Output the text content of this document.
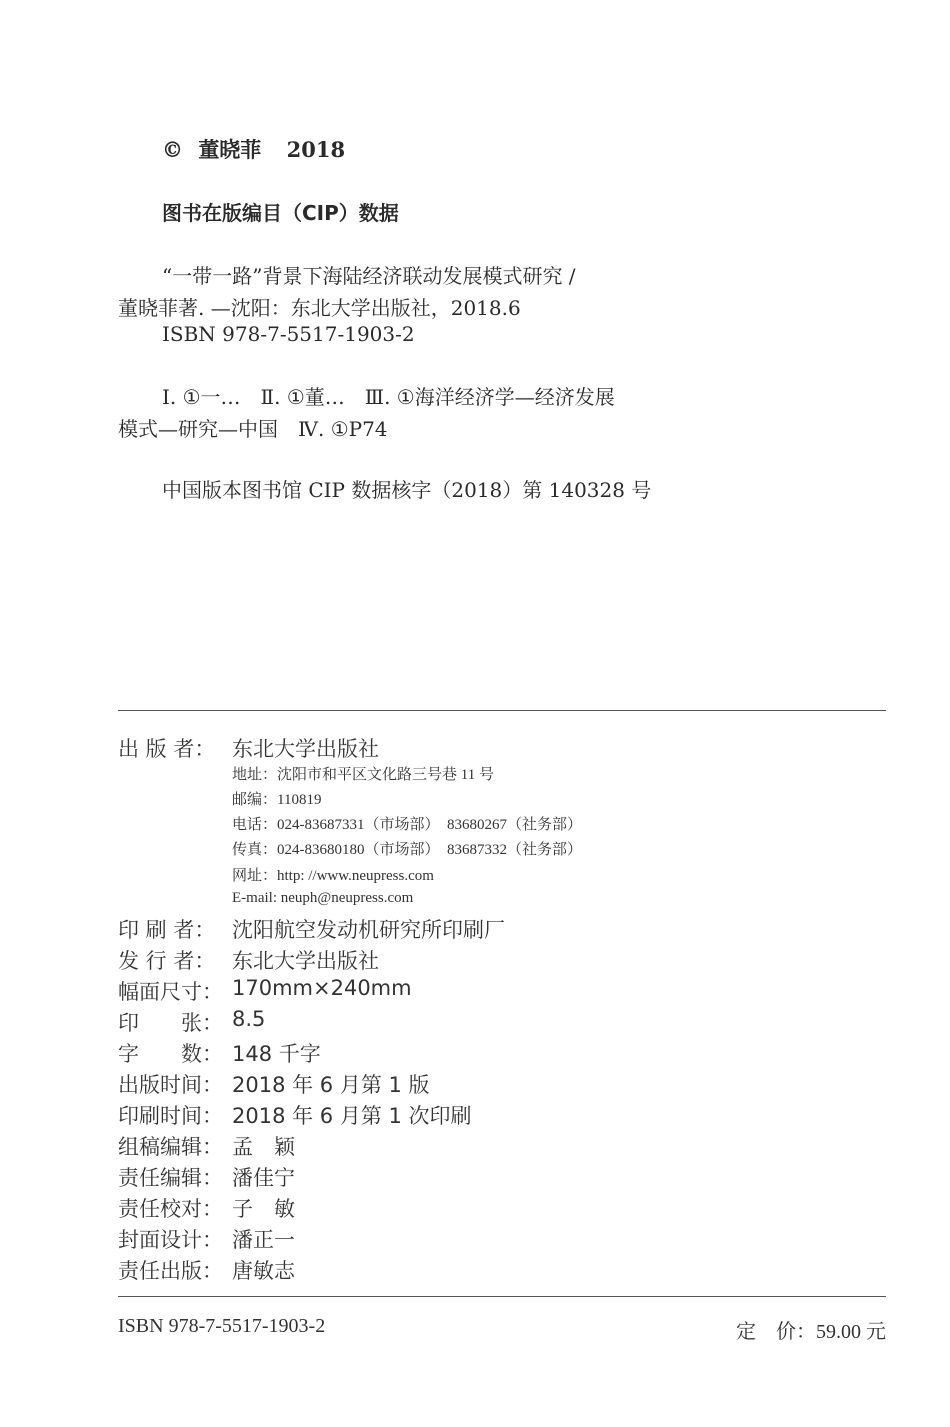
© 董晓菲 2018
图书在版编目（CIP）数据
“一带一路”背景下海陆经济联动发展模式研究 /
董晓菲著. —沈阳：东北大学出版社，2018.6
ISBN 978-7-5517-1903-2
Ⅰ. ①一…　Ⅱ. ①董…　Ⅲ. ①海洋经济学—经济发展
模式—研究—中国　Ⅳ. ①P74
中国版本图书馆 CIP 数据核字（2018）第 140328 号
出 版 者： 东北大学出版社
地址：沈阳市和平区文化路三号巷 11 号
邮编：110819
电话：024-83687331（市场部）　83680267（社务部）
传真：024-83680180（市场部）　83687332（社务部）
网址：http: //www.neupress.com
E-mail: neuph@neupress.com
印 刷 者： 沈阳航空发动机研究所印刷厂
发 行 者： 东北大学出版社
幅面尺寸： 170mm×240mm
印　　张： 8.5
字　　数： 148 千字
出版时间： 2018 年 6 月第 1 版
印刷时间： 2018 年 6 月第 1 次印刷
组稿编辑： 孟　颖
责任编辑： 潘佳宁
责任校对： 子　敏
封面设计： 潘正一
责任出版： 唐敏志
ISBN 978-7-5517-1903-2	定　价：59.00 元
